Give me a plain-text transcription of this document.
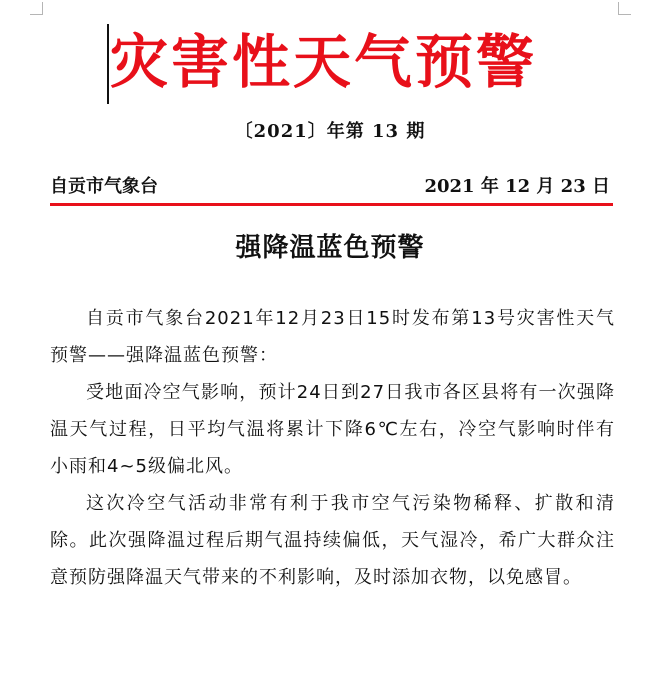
灾害性天气预警
〔2021〕年第 13 期
自贡市气象台	2021 年 12 月 23 日
强降温蓝色预警

自贡市气象台2021年12月23日15时发布第13号灾害性天气预警——强降温蓝色预警：

受地面冷空气影响，预计24日到27日我市各区县将有一次强降温天气过程，日平均气温将累计下降6℃左右，冷空气影响时伴有小雨和4~5级偏北风。

这次冷空气活动非常有利于我市空气污染物稀释、扩散和清除。此次强降温过程后期气温持续偏低，天气湿冷，希广大群众注意预防强降温天气带来的不利影响，及时添加衣物，以免感冒。
